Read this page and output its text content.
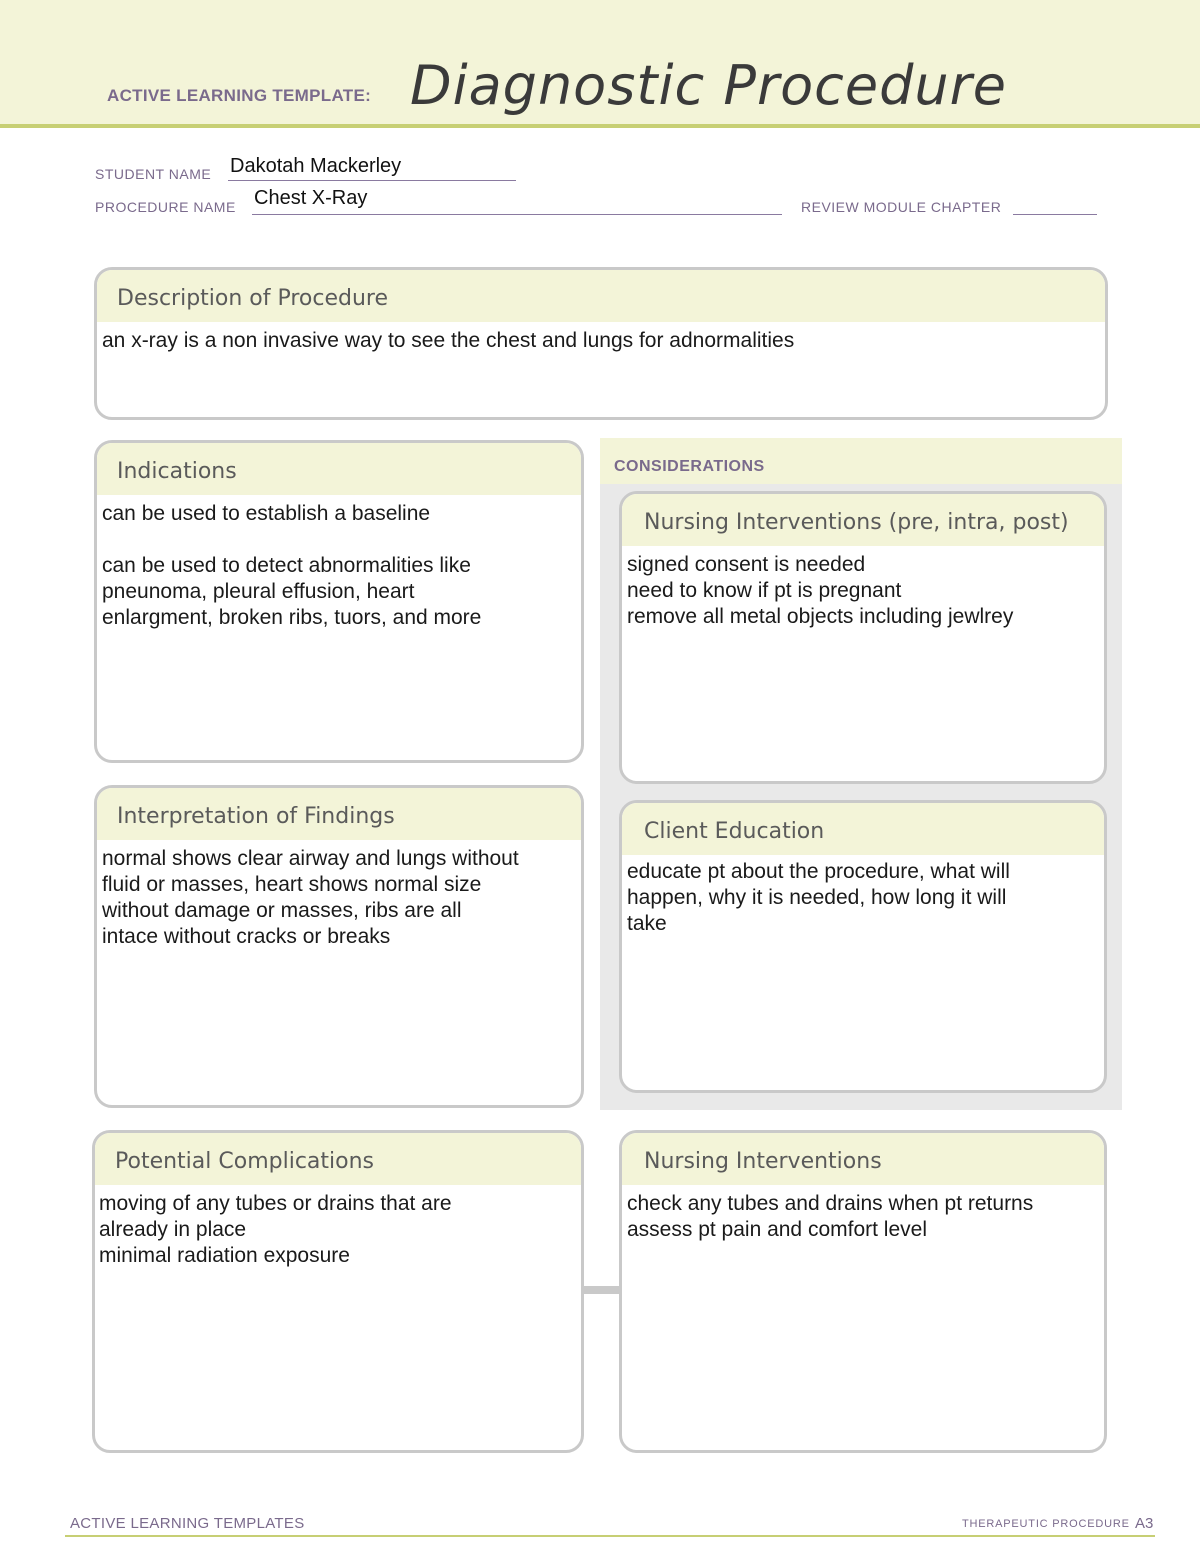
ACTIVE LEARNING TEMPLATE: Diagnostic Procedure
STUDENT NAME Dakotah Mackerley
PROCEDURE NAME Chest X-Ray	REVIEW MODULE CHAPTER
Description of Procedure
an x-ray is a non invasive way to see the chest and lungs for adnormalities
CONSIDERATIONS
Indications
can be used to establish a baseline

can be used to detect abnormalities like
pneunoma, pleural effusion, heart
enlargment, broken ribs, tuors, and more
Nursing Interventions (pre, intra, post)
signed consent is needed
need to know if pt is pregnant
remove all metal objects including jewlrey
Interpretation of Findings
normal shows clear airway and lungs without
fluid or masses, heart shows normal size
without damage or masses, ribs are all
intace without cracks or breaks
Client Education
educate pt about the procedure, what will
happen, why it is needed, how long it will
take
Potential Complications
moving of any tubes or drains that are
already in place
minimal radiation exposure
Nursing Interventions
check any tubes and drains when pt returns
assess pt pain and comfort level
ACTIVE LEARNING TEMPLATES	THERAPEUTIC PROCEDURE A3
